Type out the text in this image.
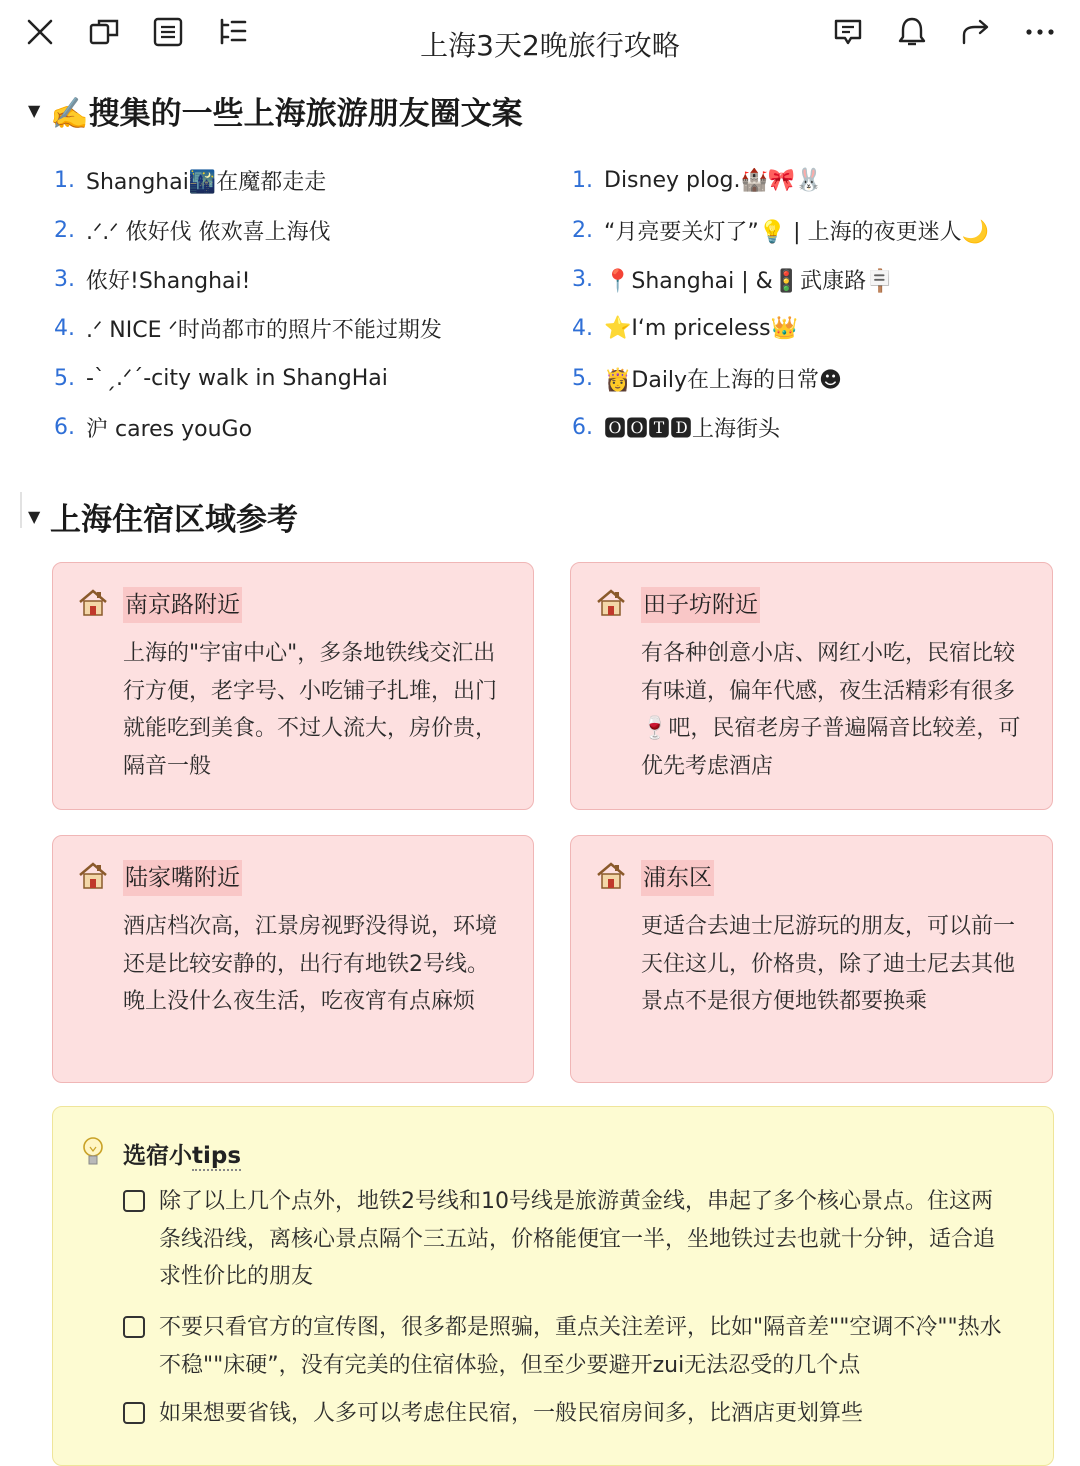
上海3天2晚旅行攻略
▼ ✍️搜集的一些上海旅游朋友圈文案
1. Shanghai🌃在魔都走走
2. .ᐟ.ᐟ 侬好伐 侬欢喜上海伐
3. 侬好!Shanghai!
4. .ᐟ NICE ᐟ时尚都市的照片不能过期发
5. -ˋˏ.ᐟ´-city walk in ShangHai
6. 沪 cares youGo
1. Disney plog.🏰🎀🐰
2. “月亮要关灯了”💡 | 上海的夜更迷人🌙
3. 📍Shanghai | &🚦武康路🪧
4. ⭐I‘m priceless👑
5. 👸Daily在上海的日常☻
6. 🅾🅾🆃🅳上海街头
▼ 上海住宿区域参考
南京路附近
上海的"宇宙中心"，多条地铁线交汇出行方便，老字号、小吃铺子扎堆，出门就能吃到美食。不过人流大，房价贵，隔音一般
田子坊附近
有各种创意小店、网红小吃，民宿比较有味道，偏年代感，夜生活精彩有很多🍷吧，民宿老房子普遍隔音比较差，可优先考虑酒店
陆家嘴附近
酒店档次高，江景房视野没得说，环境还是比较安静的，出行有地铁2号线。晚上没什么夜生活，吃夜宵有点麻烦
浦东区
更适合去迪士尼游玩的朋友，可以前一天住这儿，价格贵，除了迪士尼去其他景点不是很方便地铁都要换乘
选宿小tips
除了以上几个点外，地铁2号线和10号线是旅游黄金线，串起了多个核心景点。住这两条线沿线，离核心景点隔个三五站，价格能便宜一半，坐地铁过去也就十分钟，适合追求性价比的朋友
不要只看官方的宣传图，很多都是照骗，重点关注差评，比如"隔音差""空调不冷""热水不稳""床硬”，没有完美的住宿体验，但至少要避开zui无法忍受的几个点
如果想要省钱，人多可以考虑住民宿，一般民宿房间多，比酒店更划算些
